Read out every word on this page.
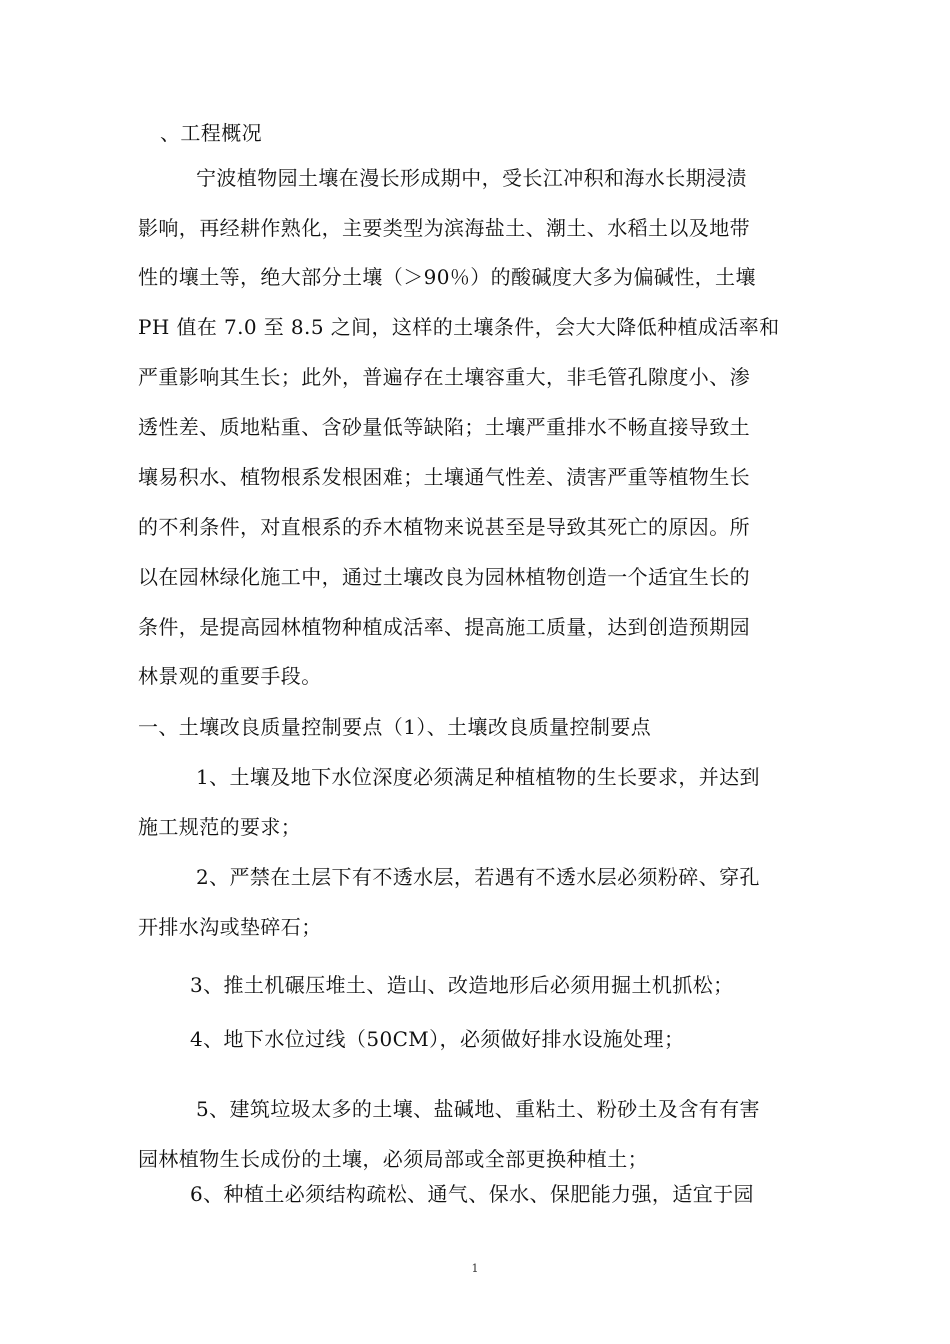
、工程概况
宁波植物园土壤在漫长形成期中，受长江冲积和海水长期浸渍
影响，再经耕作熟化，主要类型为滨海盐土、潮土、水稻土以及地带
性的壤土等，绝大部分土壤（＞90％）的酸碱度大多为偏碱性，土壤
PH 值在 7.0 至 8.5 之间，这样的土壤条件，会大大降低种植成活率和
严重影响其生长；此外，普遍存在土壤容重大，非毛管孔隙度小、渗
透性差、质地粘重、含砂量低等缺陷；土壤严重排水不畅直接导致土
壤易积水、植物根系发根困难；土壤通气性差、渍害严重等植物生长
的不利条件，对直根系的乔木植物来说甚至是导致其死亡的原因。所
以在园林绿化施工中，通过土壤改良为园林植物创造一个适宜生长的
条件，是提高园林植物种植成活率、提高施工质量，达到创造预期园
林景观的重要手段。
一、土壤改良质量控制要点（1）、土壤改良质量控制要点
1、土壤及地下水位深度必须满足种植植物的生长要求，并达到
施工规范的要求；
2、严禁在土层下有不透水层，若遇有不透水层必须粉碎、穿孔
开排水沟或垫碎石；
3、推土机碾压堆土、造山、改造地形后必须用掘土机抓松；
4、地下水位过线（50CM），必须做好排水设施处理；
5、建筑垃圾太多的土壤、盐碱地、重粘土、粉砂土及含有有害
园林植物生长成份的土壤，必须局部或全部更换种植土；
6、种植土必须结构疏松、通气、保水、保肥能力强，适宜于园
1
